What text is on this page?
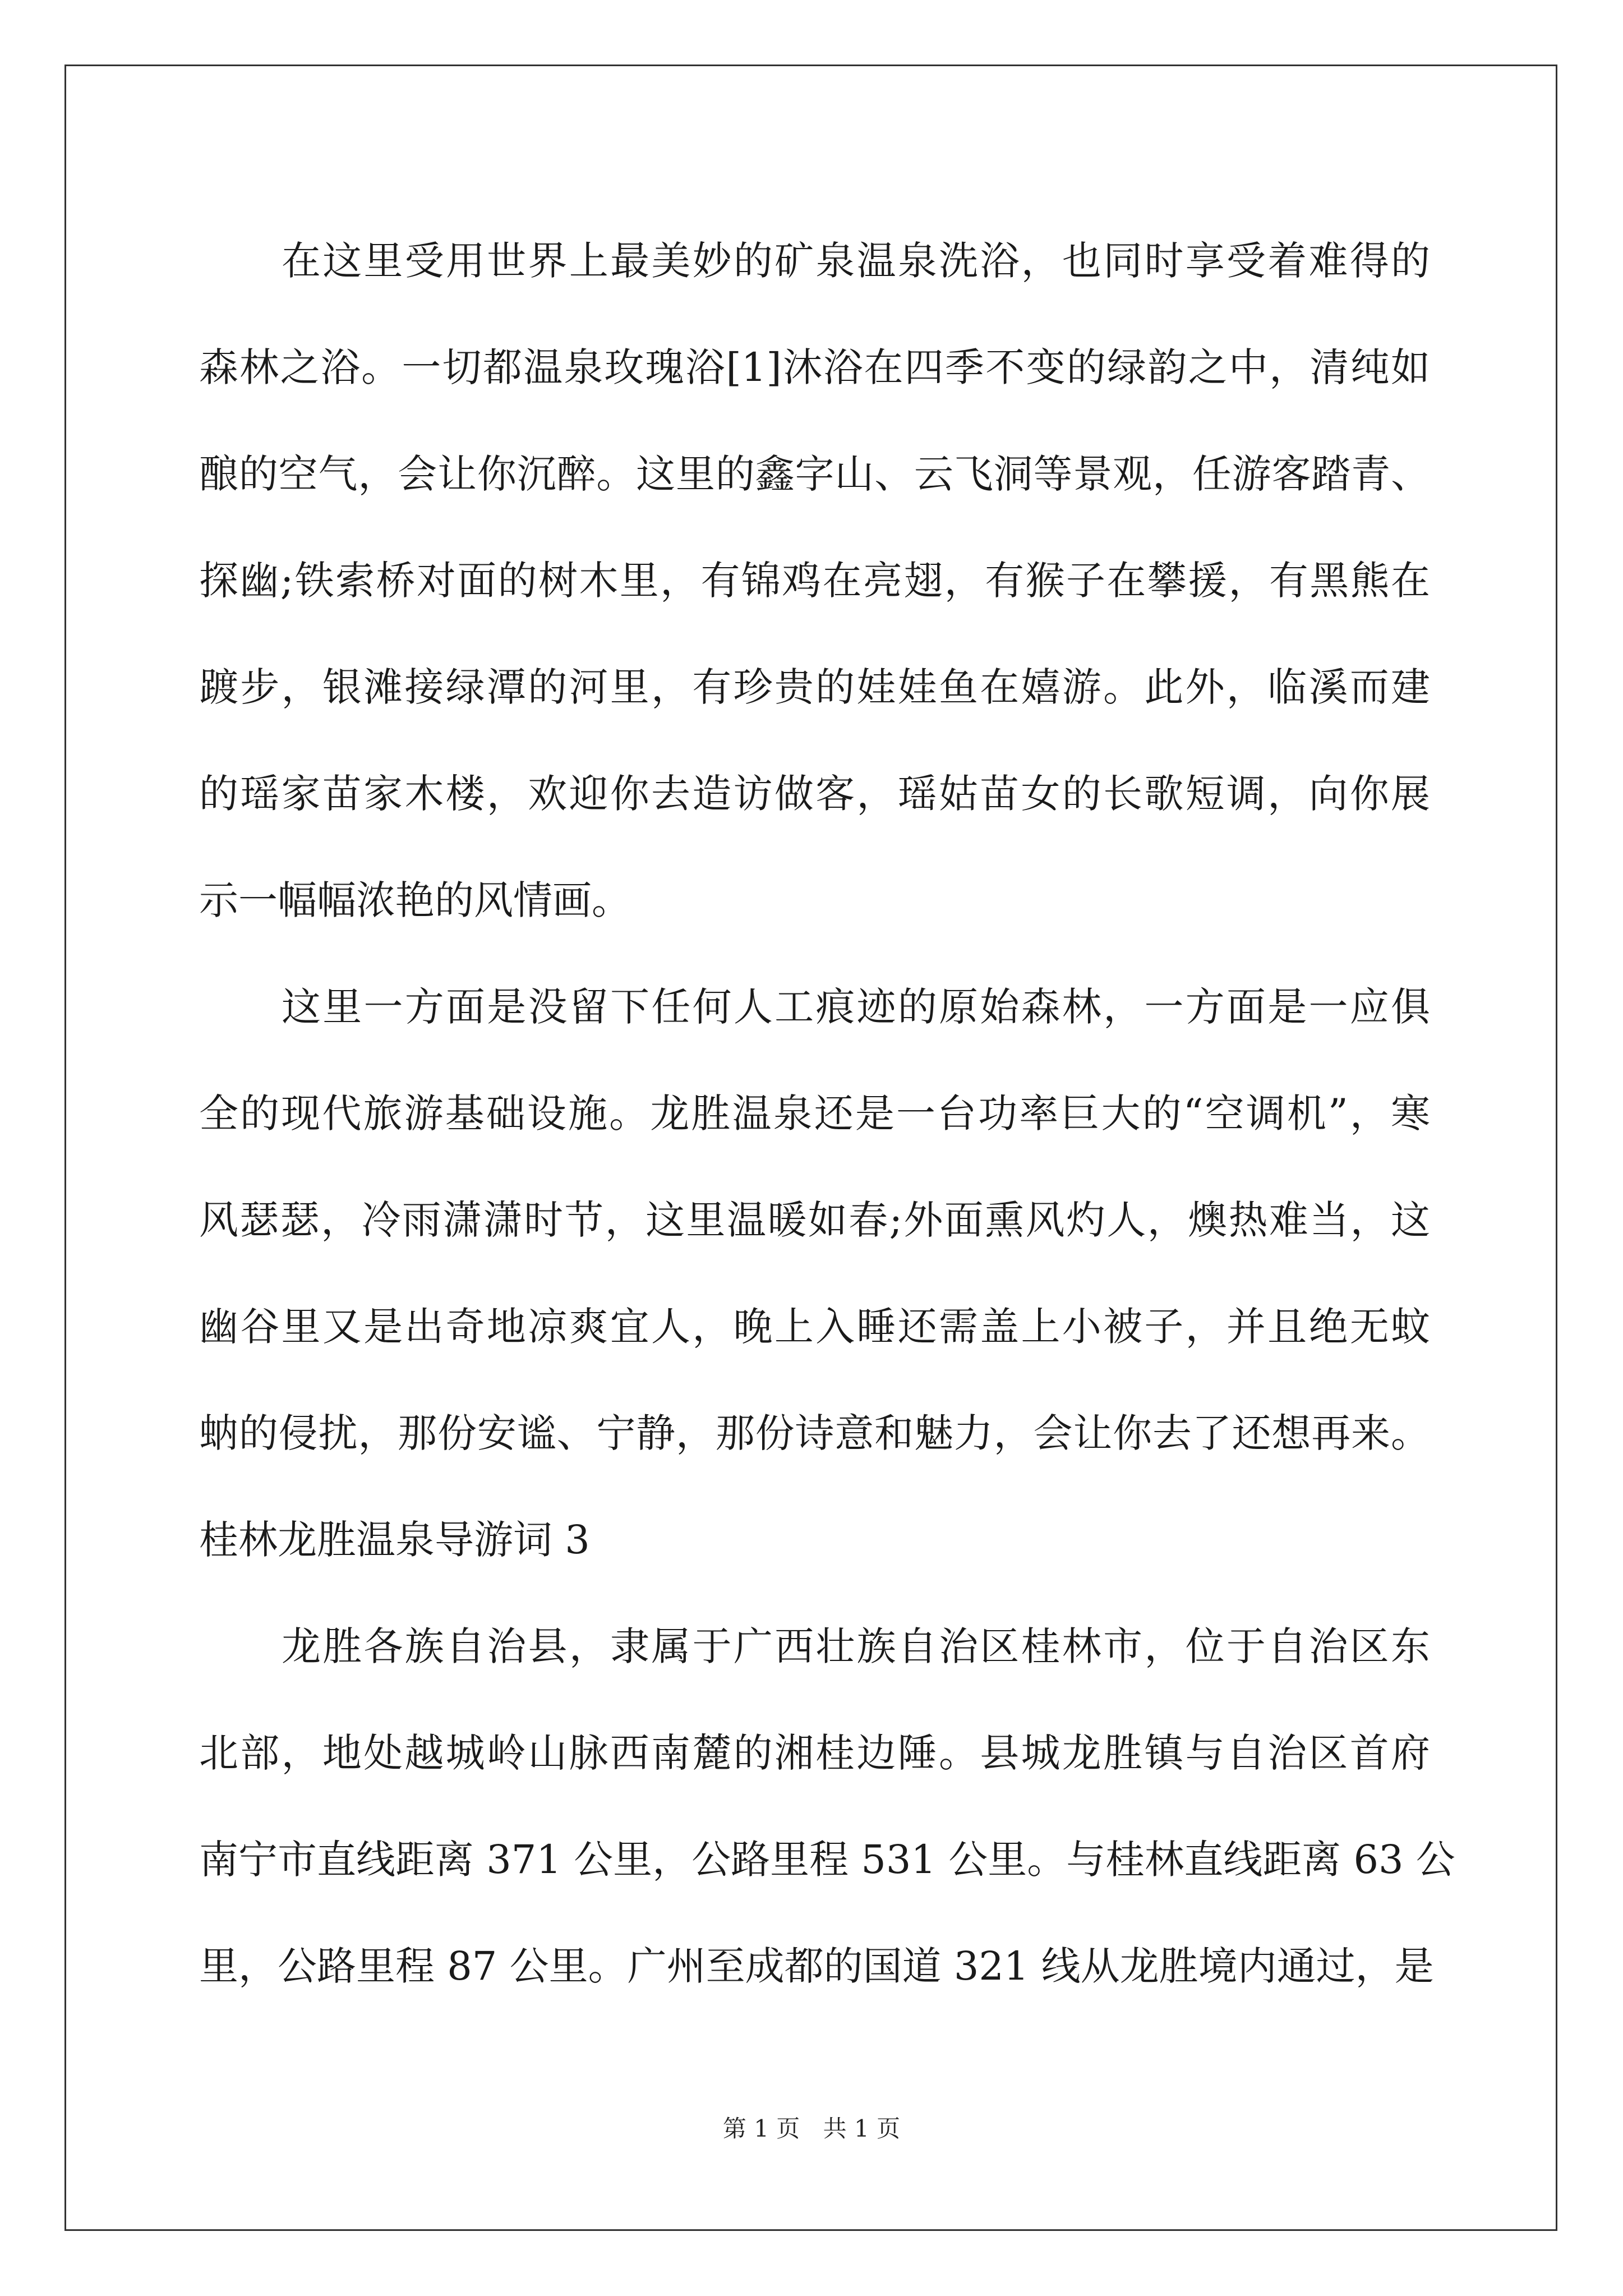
在这里受用世界上最美妙的矿泉温泉洗浴，也同时享受着难得的
森林之浴。一切都温泉玫瑰浴[1]沐浴在四季不变的绿韵之中，清纯如
酿的空气，会让你沉醉。这里的鑫字山、云飞洞等景观，任游客踏青、
探幽;铁索桥对面的树木里，有锦鸡在亮翅，有猴子在攀援，有黑熊在
踱步，银滩接绿潭的河里，有珍贵的娃娃鱼在嬉游。此外，临溪而建
的瑶家苗家木楼，欢迎你去造访做客，瑶姑苗女的长歌短调，向你展
示一幅幅浓艳的风情画。
这里一方面是没留下任何人工痕迹的原始森林，一方面是一应俱
全的现代旅游基础设施。龙胜温泉还是一台功率巨大的“空调机”，寒
风瑟瑟，冷雨潇潇时节，这里温暖如春;外面熏风灼人，燠热难当，这
幽谷里又是出奇地凉爽宜人，晚上入睡还需盖上小被子，并且绝无蚊
蚋的侵扰，那份安谧、宁静，那份诗意和魅力，会让你去了还想再来。
桂林龙胜温泉导游词 3
龙胜各族自治县，隶属于广西壮族自治区桂林市，位于自治区东
北部，地处越城岭山脉西南麓的湘桂边陲。县城龙胜镇与自治区首府
南宁市直线距离 371 公里，公路里程 531 公里。与桂林直线距离 63 公
里，公路里程 87 公里。广州至成都的国道 321 线从龙胜境内通过，是
第 1 页 共 1 页
